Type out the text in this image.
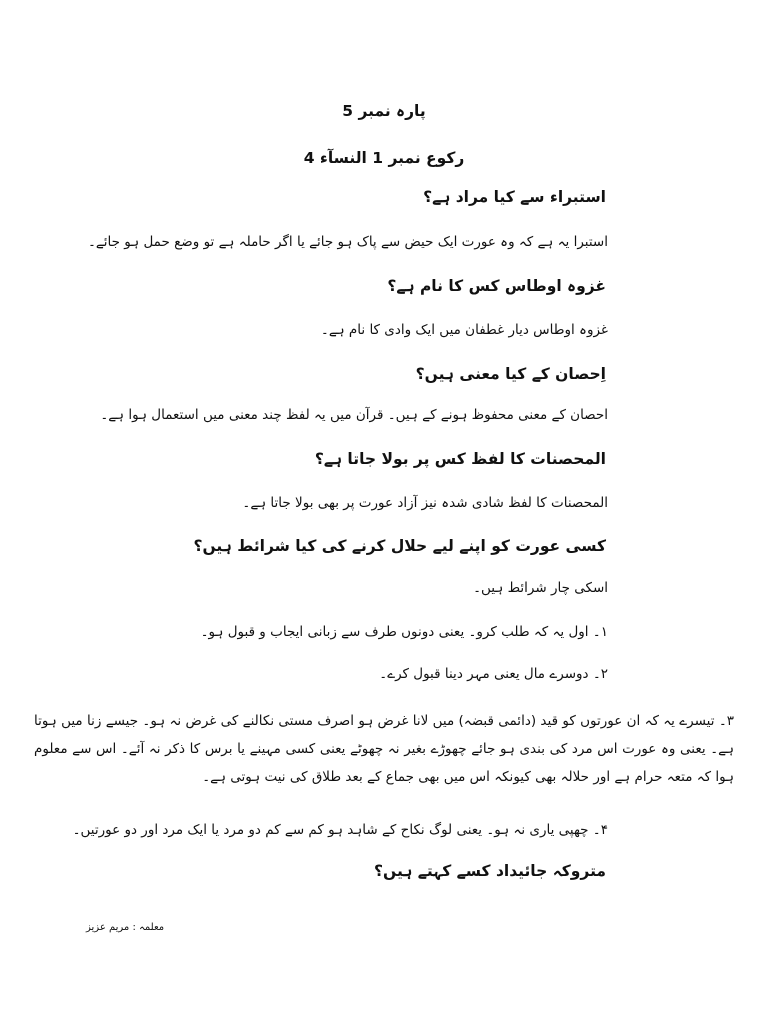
پارہ نمبر 5
رکوع نمبر 1 النسآء 4
استبراء سے کیا مراد ہے؟
استبرا یہ ہے کہ وہ عورت ایک حیض سے پاک ہو جائے یا اگر حاملہ ہے تو وضع حمل ہو جائے۔
غزوہ اوطاس کس کا نام ہے؟
غزوہ اوطاس دیار غطفان میں ایک وادی کا نام ہے۔
اِحصان کے کیا معنی ہیں؟
احصان کے معنی محفوظ ہونے کے ہیں۔ قرآن میں یہ لفظ چند معنی میں استعمال ہوا ہے۔
المحصنات کا لفظ کس پر بولا جاتا ہے؟
المحصنات کا لفظ شادی شدہ نیز آزاد عورت پر بھی بولا جاتا ہے۔
کسی عورت کو اپنے لیے حلال کرنے کی کیا شرائط ہیں؟
اسکی چار شرائط ہیں۔
۱۔ اول یہ کہ طلب کرو۔ یعنی دونوں طرف سے زبانی ایجاب و قبول ہو۔
۲۔ دوسرے مال یعنی مہر دینا قبول کرے۔
۳۔ تیسرے یہ کہ ان عورتوں کو قید (دائمی قبضہ) میں لانا غرض ہو اصرف مستی نکالنے کی غرض نہ ہو۔ جیسے زنا میں ہوتا ہے۔ یعنی وہ عورت اس مرد کی بندی ہو جائے چھوڑے بغیر نہ چھوٹے یعنی کسی مہینے یا برس کا ذکر نہ آئے۔ اس سے معلوم ہوا کہ متعہ حرام ہے اور حلالہ بھی کیونکہ اس میں بھی جماع کے بعد طلاق کی نیت ہوتی ہے۔
۴۔ چھپی یاری نہ ہو۔ یعنی لوگ نکاح کے شاہد ہو کم سے کم دو مرد یا ایک مرد اور دو عورتیں۔
متروکہ جائیداد کسے کہتے ہیں؟
معلمہ : مریم عزیز
